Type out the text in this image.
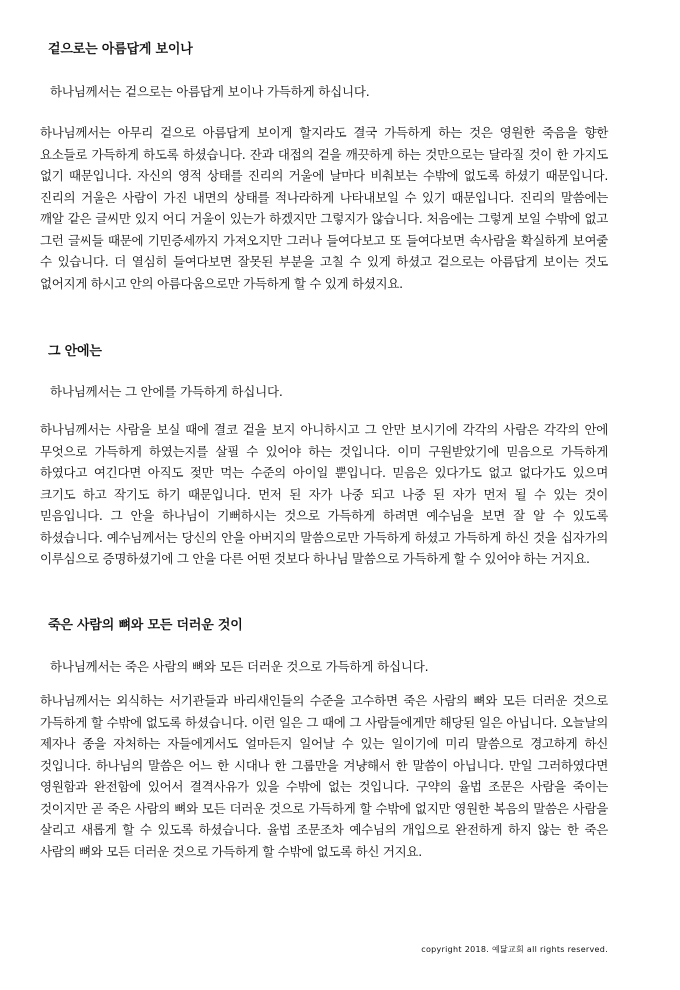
겉으로는 아름답게 보이나
하나님께서는 겉으로는 아름답게 보이나 가득하게 하십니다.

하나님께서는 아무리 겉으로 아름답게 보이게 할지라도 결국 가득하게 하는 것은 영원한 죽음을 향한 요소들로 가득하게 하도록 하셨습니다. 잔과 대접의 겉을 깨끗하게 하는 것만으로는 달라질 것이 한 가지도 없기 때문입니다. 자신의 영적 상태를 진리의 거울에 날마다 비춰보는 수밖에 없도록 하셨기 때문입니다. 진리의 거울은 사람이 가진 내면의 상태를 적나라하게 나타내보일 수 있기 때문입니다. 진리의 말씀에는 깨알 같은 글씨만 있지 어디 거울이 있는가 하겠지만 그렇지가 않습니다. 처음에는 그렇게 보일 수밖에 없고 그런 글씨들 때문에 기민증세까지 가져오지만 그러나 들여다보고 또 들여다보면 속사람을 확실하게 보여줄 수 있습니다. 더 열심히 들여다보면 잘못된 부분을 고칠 수 있게 하셨고 겉으로는 아름답게 보이는 것도 없어지게 하시고 안의 아름다움으로만 가득하게 할 수 있게 하셨지요.

그 안에는
하나님께서는 그 안에를 가득하게 하십니다.

하나님께서는 사람을 보실 때에 결코 겉을 보지 아니하시고 그 안만 보시기에 각각의 사람은 각각의 안에 무엇으로 가득하게 하였는지를 살필 수 있어야 하는 것입니다. 이미 구원받았기에 믿음으로 가득하게 하였다고 여긴다면 아직도 젖만 먹는 수준의 아이일 뿐입니다. 믿음은 있다가도 없고 없다가도 있으며 크기도 하고 작기도 하기 때문입니다. 먼저 된 자가 나중 되고 나중 된 자가 먼저 될 수 있는 것이 믿음입니다. 그 안을 하나님이 기뻐하시는 것으로 가득하게 하려면 예수님을 보면 잘 알 수 있도록 하셨습니다. 예수님께서는 당신의 안을 아버지의 말씀으로만 가득하게 하셨고 가득하게 하신 것을 십자가의 이루심으로 증명하셨기에 그 안을 다른 어떤 것보다 하나님 말씀으로 가득하게 할 수 있어야 하는 거지요.

죽은 사람의 뼈와 모든 더러운 것이
하나님께서는 죽은 사람의 뼈와 모든 더러운 것으로 가득하게 하십니다.

하나님께서는 외식하는 서기관들과 바리새인들의 수준을 고수하면 죽은 사람의 뼈와 모든 더러운 것으로 가득하게 할 수밖에 없도록 하셨습니다. 이런 일은 그 때에 그 사람들에게만 해당된 일은 아닙니다. 오늘날의 제자나 종을 자처하는 자들에게서도 얼마든지 일어날 수 있는 일이기에 미리 말씀으로 경고하게 하신 것입니다. 하나님의 말씀은 어느 한 시대나 한 그룹만을 겨냥해서 한 말씀이 아닙니다. 만일 그러하였다면 영원함과 완전함에 있어서 결격사유가 있을 수밖에 없는 것입니다. 구약의 율법 조문은 사람을 죽이는 것이지만 곧 죽은 사람의 뼈와 모든 더러운 것으로 가득하게 할 수밖에 없지만 영원한 복음의 말씀은 사람을 살리고 새롭게 할 수 있도록 하셨습니다. 율법 조문조차 예수님의 개입으로 완전하게 하지 않는 한 죽은 사람의 뼈와 모든 더러운 것으로 가득하게 할 수밖에 없도록 하신 거지요.

copyright 2018. 예닮교회 all rights reserved.
